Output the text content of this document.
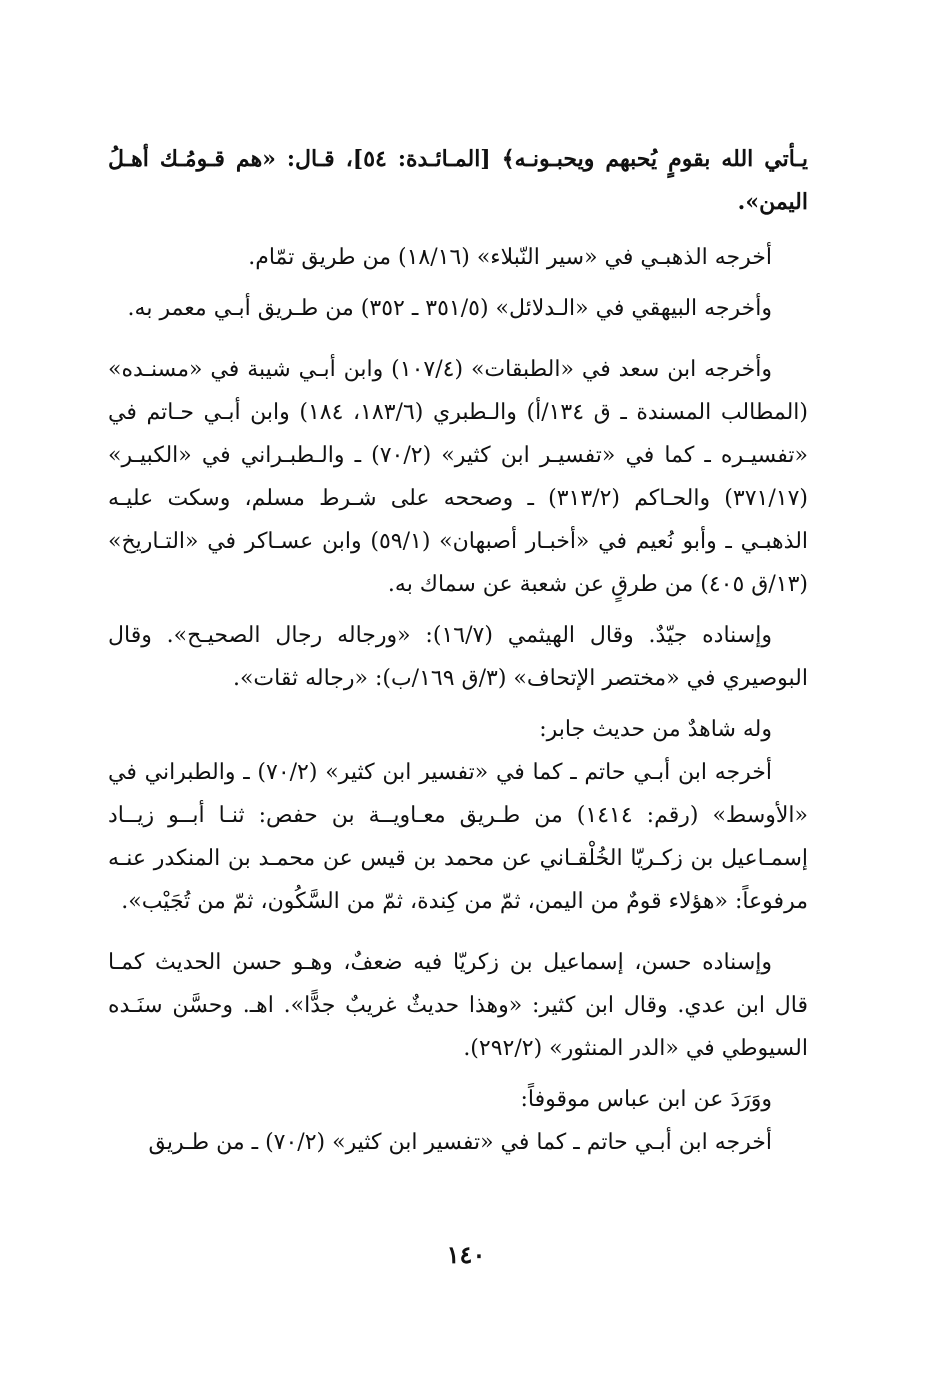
يـأتي الله بقومٍ يُحبهم ويحبـونـه﴾ [المـائـدة: ٥٤]، قـال: «هم قـومُـك أهـلُ اليمن».

أخرجه الذهبـي في «سير النّبلاء» (١٨/١٦) من طريق تمّام.

وأخرجه البيهقي في «الـدلائل» (٣٥١/٥ ـ ٣٥٢) من طـريق أبـي معمر به.

وأخرجه ابن سعد في «الطبقات» (١٠٧/٤) وابن أبـي شيبة في «مسنـده» (المطالب المسندة ـ ق ١٣٤/أ) والـطبري (١٨٣/٦، ١٨٤) وابن أبـي حـاتم في «تفسيـره ـ كما في «تفسيـر ابن كثير» (٧٠/٢) ـ والـطبـراني في «الكبيـر» (٣٧١/١٧) والحـاكم (٣١٣/٢) ـ وصححه على شـرط مسلم، وسكت عليـه الذهبـي ـ وأبو نُعيم في «أخبـار أصبهان» (٥٩/١) وابن عسـاكر في «التـاريخ» (١٣/ق ٤٠٥) من طرقٍ عن شعبة عن سماك به.

وإسناده جيّدٌ. وقال الهيثمي (١٦/٧): «ورجاله رجال الصحيـح». وقال البوصيري في «مختصر الإتحاف» (٣/ق ١٦٩/ب): «رجاله ثقات».

وله شاهدٌ من حديث جابر:

أخرجه ابن أبـي حاتم ـ كما في «تفسير ابن كثير» (٧٠/٢) ـ والطبراني في «الأوسط» (رقم: ١٤١٤) من طـريق معـاويــة بن حفص: ثنـا أبــو زيــاد إسمـاعيل بن زكـريّا الخُلْقـاني عن محمد بن قيس عن محمـد بن المنكدر عنـه مرفوعاً: «هؤلاء قومٌ من اليمن، ثمّ من كِندة، ثمّ من السَّكُون، ثمّ من تُجَيْب».

وإسناده حسن، إسماعيل بن زكريّا فيه ضعفٌ، وهـو حسن الحديث كمـا قال ابن عدي. وقال ابن كثير: «وهذا حديثٌ غريبٌ جدًّا». اهـ. وحسَّن سنَـده السيوطي في «الدر المنثور» (٢٩٢/٢).

ووَرَدَ عن ابن عباس موقوفاً:

أخرجه ابن أبـي حاتم ـ كما في «تفسير ابن كثير» (٧٠/٢) ـ من طـريق

١٤٠
